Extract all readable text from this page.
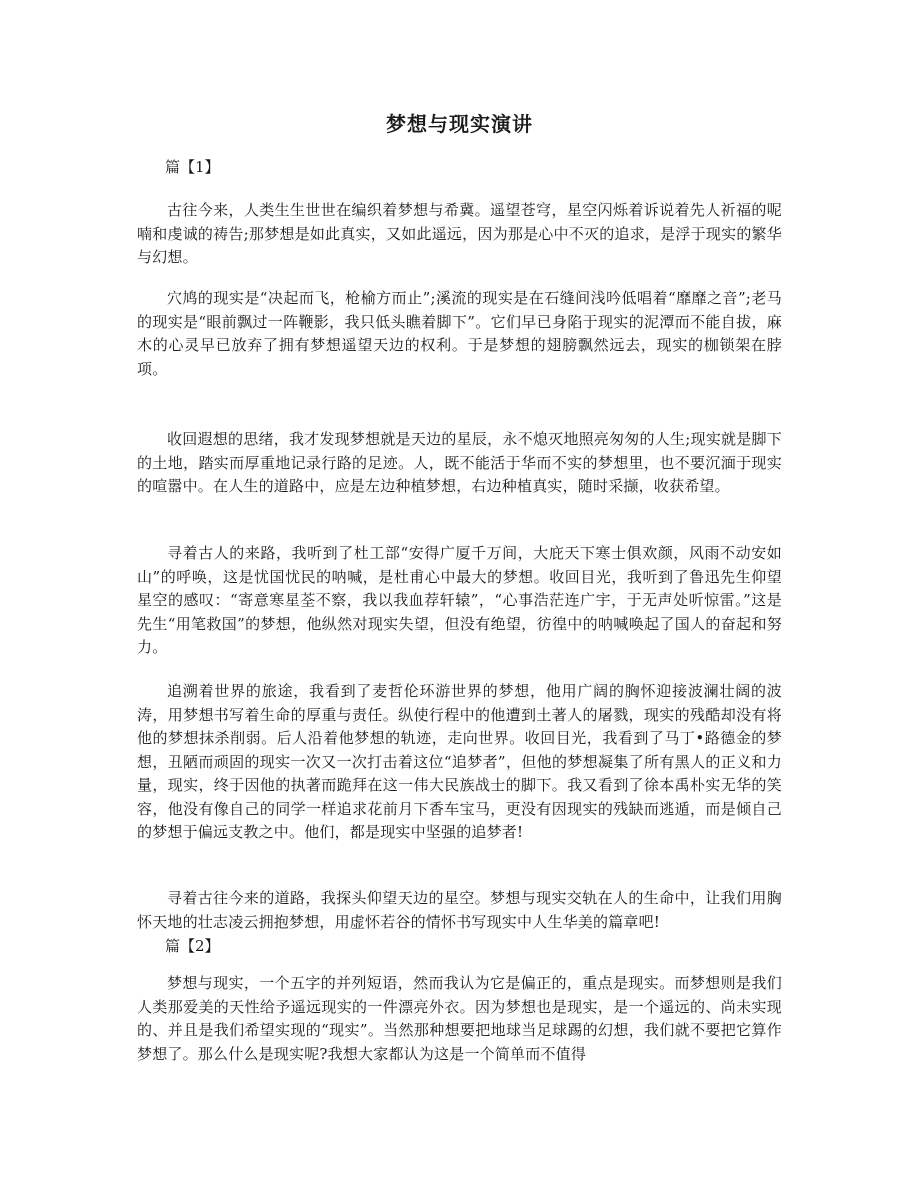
梦想与现实演讲

篇【1】

古往今来，人类生生世世在编织着梦想与希冀。遥望苍穹，星空闪烁着诉说着先人祈福的呢喃和虔诚的祷告;那梦想是如此真实，又如此遥远，因为那是心中不灭的追求，是浮于现实的繁华与幻想。

穴鸠的现实是“决起而飞，枪榆方而止”;溪流的现实是在石缝间浅吟低唱着“靡靡之音”;老马的现实是“眼前飘过一阵鞭影，我只低头瞧着脚下”。它们早已身陷于现实的泥潭而不能自拔，麻木的心灵早已放弃了拥有梦想遥望天边的权利。于是梦想的翅膀飘然远去，现实的枷锁架在脖项。

收回遐想的思绪，我才发现梦想就是天边的星辰，永不熄灭地照亮匆匆的人生;现实就是脚下的土地，踏实而厚重地记录行路的足迹。人，既不能活于华而不实的梦想里，也不要沉湎于现实的喧嚣中。在人生的道路中，应是左边种植梦想，右边种植真实，随时采撷，收获希望。

寻着古人的来路，我听到了杜工部“安得广厦千万间，大庇天下寒士俱欢颜，风雨不动安如山”的呼唤，这是忧国忧民的呐喊，是杜甫心中最大的梦想。收回目光，我听到了鲁迅先生仰望星空的感叹：“寄意寒星荃不察，我以我血荐轩辕”，“心事浩茫连广宇，于无声处听惊雷。”这是先生“用笔救国”的梦想，他纵然对现实失望，但没有绝望，彷徨中的呐喊唤起了国人的奋起和努力。

追溯着世界的旅途，我看到了麦哲伦环游世界的梦想，他用广阔的胸怀迎接波澜壮阔的波涛，用梦想书写着生命的厚重与责任。纵使行程中的他遭到土著人的屠戮，现实的残酷却没有将他的梦想抹杀削弱。后人沿着他梦想的轨迹，走向世界。收回目光，我看到了马丁•路德金的梦想，丑陋而顽固的现实一次又一次打击着这位“追梦者”，但他的梦想凝集了所有黑人的正义和力量，现实，终于因他的执著而跪拜在这一伟大民族战士的脚下。我又看到了徐本禹朴实无华的笑容，他没有像自己的同学一样追求花前月下香车宝马，更没有因现实的残缺而逃遁，而是倾自己的梦想于偏远支教之中。他们，都是现实中坚强的追梦者!

寻着古往今来的道路，我探头仰望天边的星空。梦想与现实交轨在人的生命中，让我们用胸怀天地的壮志凌云拥抱梦想，用虚怀若谷的情怀书写现实中人生华美的篇章吧!

篇【2】

梦想与现实，一个五字的并列短语，然而我认为它是偏正的，重点是现实。而梦想则是我们人类那爱美的天性给予遥远现实的一件漂亮外衣。因为梦想也是现实，是一个遥远的、尚未实现的、并且是我们希望实现的“现实”。当然那种想要把地球当足球踢的幻想，我们就不要把它算作梦想了。那么什么是现实呢?我想大家都认为这是一个简单而不值得
